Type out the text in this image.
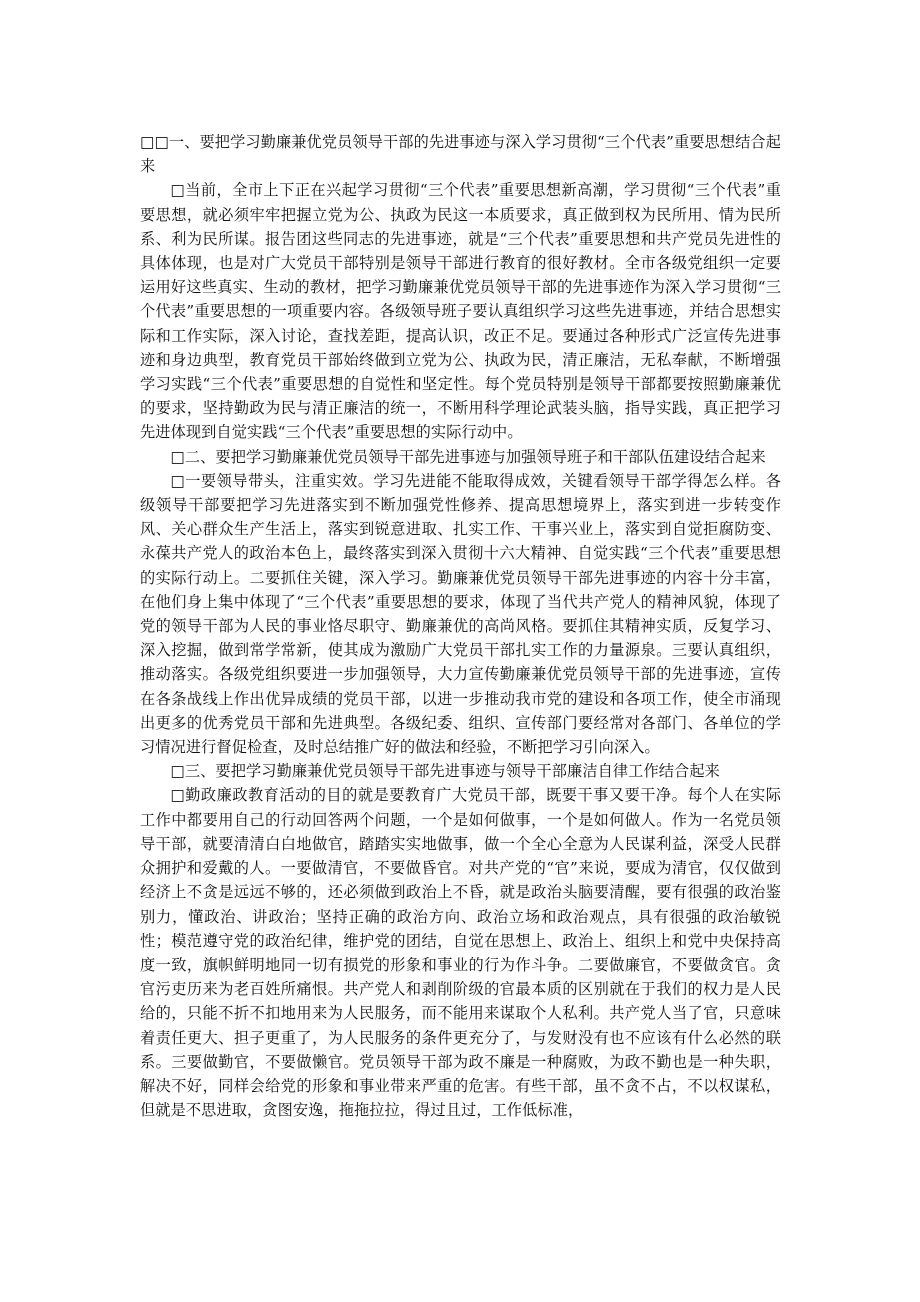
□□一、要把学习勤廉兼优党员领导干部的先进事迹与深入学习贯彻“三个代表”重要思想结合起来

□当前，全市上下正在兴起学习贯彻“三个代表”重要思想新高潮，学习贯彻“三个代表”重要思想，就必须牢牢把握立党为公、执政为民这一本质要求，真正做到权为民所用、情为民所系、利为民所谋。报告团这些同志的先进事迹，就是“三个代表”重要思想和共产党员先进性的具体体现，也是对广大党员干部特别是领导干部进行教育的很好教材。全市各级党组织一定要运用好这些真实、生动的教材，把学习勤廉兼优党员领导干部的先进事迹作为深入学习贯彻“三个代表”重要思想的一项重要内容。各级领导班子要认真组织学习这些先进事迹，并结合思想实际和工作实际，深入讨论，查找差距，提高认识，改正不足。要通过各种形式广泛宣传先进事迹和身边典型，教育党员干部始终做到立党为公、执政为民，清正廉洁，无私奉献，不断增强学习实践“三个代表”重要思想的自觉性和坚定性。每个党员特别是领导干部都要按照勤廉兼优的要求，坚持勤政为民与清正廉洁的统一，不断用科学理论武装头脑，指导实践，真正把学习先进体现到自觉实践“三个代表”重要思想的实际行动中。

□二、要把学习勤廉兼优党员领导干部先进事迹与加强领导班子和干部队伍建设结合起来

□一要领导带头，注重实效。学习先进能不能取得成效，关键看领导干部学得怎么样。各级领导干部要把学习先进落实到不断加强党性修养、提高思想境界上，落实到进一步转变作风、关心群众生产生活上，落实到锐意进取、扎实工作、干事兴业上，落实到自觉拒腐防变、永葆共产党人的政治本色上，最终落实到深入贯彻十六大精神、自觉实践“三个代表”重要思想的实际行动上。二要抓住关键，深入学习。勤廉兼优党员领导干部先进事迹的内容十分丰富，在他们身上集中体现了“三个代表”重要思想的要求，体现了当代共产党人的精神风貌，体现了党的领导干部为人民的事业恪尽职守、勤廉兼优的高尚风格。要抓住其精神实质，反复学习、深入挖掘，做到常学常新，使其成为激励广大党员干部扎实工作的力量源泉。三要认真组织，推动落实。各级党组织要进一步加强领导，大力宣传勤廉兼优党员领导干部的先进事迹，宣传在各条战线上作出优异成绩的党员干部，以进一步推动我市党的建设和各项工作，使全市涌现出更多的优秀党员干部和先进典型。各级纪委、组织、宣传部门要经常对各部门、各单位的学习情况进行督促检查，及时总结推广好的做法和经验，不断把学习引向深入。

□三、要把学习勤廉兼优党员领导干部先进事迹与领导干部廉洁自律工作结合起来

□勤政廉政教育活动的目的就是要教育广大党员干部，既要干事又要干净。每个人在实际工作中都要用自己的行动回答两个问题，一个是如何做事，一个是如何做人。作为一名党员领导干部，就要清清白白地做官，踏踏实实地做事，做一个全心全意为人民谋利益，深受人民群众拥护和爱戴的人。一要做清官，不要做昏官。对共产党的“官”来说，要成为清官，仅仅做到经济上不贪是远远不够的，还必须做到政治上不昏，就是政治头脑要清醒，要有很强的政治鉴别力，懂政治、讲政治；坚持正确的政治方向、政治立场和政治观点，具有很强的政治敏锐性；模范遵守党的政治纪律，维护党的团结，自觉在思想上、政治上、组织上和党中央保持高度一致，旗帜鲜明地同一切有损党的形象和事业的行为作斗争。二要做廉官，不要做贪官。贪官污吏历来为老百姓所痛恨。共产党人和剥削阶级的官最本质的区别就在于我们的权力是人民给的，只能不折不扣地用来为人民服务，而不能用来谋取个人私利。共产党人当了官，只意味着责任更大、担子更重了，为人民服务的条件更充分了，与发财没有也不应该有什么必然的联系。三要做勤官，不要做懒官。党员领导干部为政不廉是一种腐败，为政不勤也是一种失职，解决不好，同样会给党的形象和事业带来严重的危害。有些干部，虽不贪不占，不以权谋私，但就是不思进取，贪图安逸，拖拖拉拉，得过且过，工作低标准，
